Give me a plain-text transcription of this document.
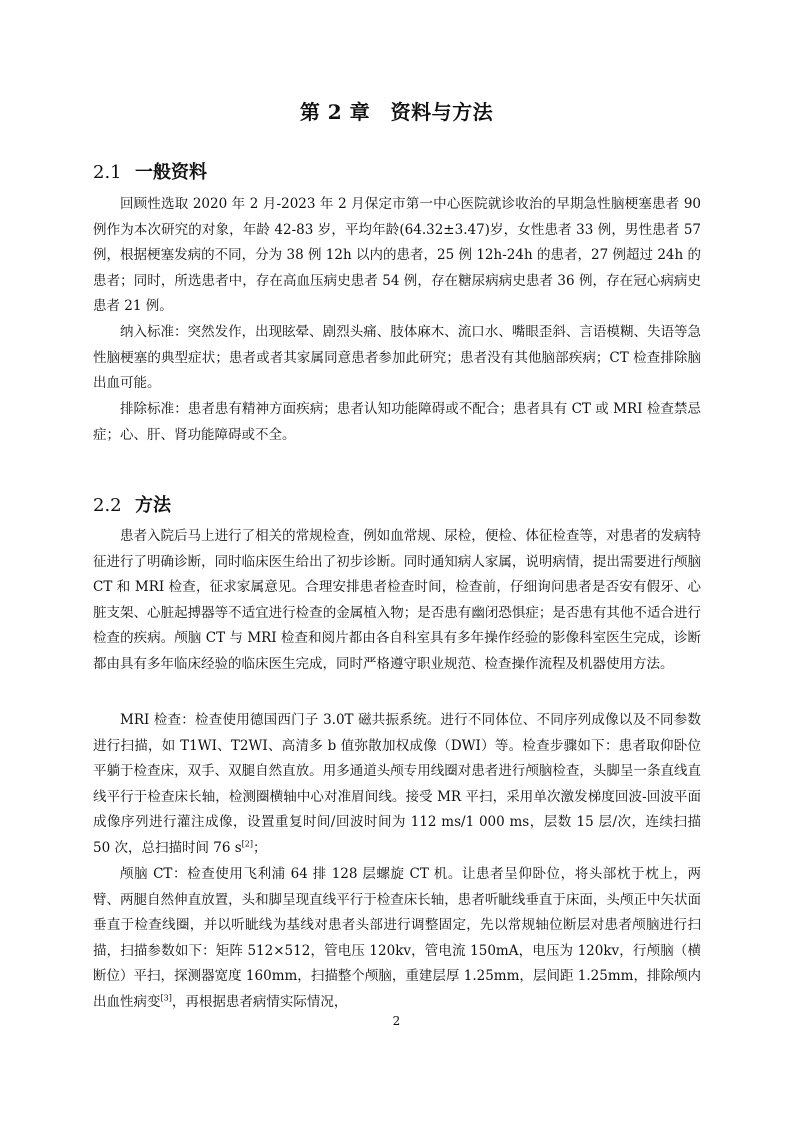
第 2 章　资料与方法
2.1 一般资料

回顾性选取 2020 年 2 月-2023 年 2 月保定市第一中心医院就诊收治的早期急性脑梗塞患者 90 例作为本次研究的对象，年龄 42-83 岁，平均年龄(64.32±3.47)岁，女性患者 33 例，男性患者 57 例，根据梗塞发病的不同，分为 38 例 12h 以内的患者，25 例 12h-24h 的患者，27 例超过 24h 的患者；同时，所选患者中，存在高血压病史患者 54 例，存在糖尿病病史患者 36 例，存在冠心病病史患者 21 例。

纳入标准：突然发作，出现眩晕、剧烈头痛、肢体麻木、流口水、嘴眼歪斜、言语模糊、失语等急性脑梗塞的典型症状；患者或者其家属同意患者参加此研究；患者没有其他脑部疾病；CT 检查排除脑出血可能。

排除标准：患者患有精神方面疾病；患者认知功能障碍或不配合；患者具有 CT 或 MRI 检查禁忌症；心、肝、肾功能障碍或不全。

2.2 方法

患者入院后马上进行了相关的常规检查，例如血常规、尿检，便检、体征检查等，对患者的发病特征进行了明确诊断，同时临床医生给出了初步诊断。同时通知病人家属，说明病情，提出需要进行颅脑 CT 和 MRI 检查，征求家属意见。合理安排患者检查时间，检查前，仔细询问患者是否安有假牙、心脏支架、心脏起搏器等不适宜进行检查的金属植入物；是否患有幽闭恐惧症；是否患有其他不适合进行检查的疾病。颅脑 CT 与 MRI 检查和阅片都由各自科室具有多年操作经验的影像科室医生完成，诊断都由具有多年临床经验的临床医生完成，同时严格遵守职业规范、检查操作流程及机器使用方法。

MRI 检查：检查使用德国西门子 3.0T 磁共振系统。进行不同体位、不同序列成像以及不同参数进行扫描，如 T1WI、T2WI、高清多 b 值弥散加权成像（DWI）等。检查步骤如下：患者取仰卧位平躺于检查床，双手、双腿自然直放。用多通道头颅专用线圈对患者进行颅脑检查，头脚呈一条直线直线平行于检查床长轴，检测圈横轴中心对准眉间线。接受 MR 平扫，采用单次激发梯度回波-回波平面成像序列进行灌注成像，设置重复时间/回波时间为 112 ms/1 000 ms，层数 15 层/次，连续扫描 50 次，总扫描时间 76 s[2]；

颅脑 CT：检查使用飞利浦 64 排 128 层螺旋 CT 机。让患者呈仰卧位，将头部枕于枕上，两臂、两腿自然伸直放置，头和脚呈现直线平行于检查床长轴，患者听眦线垂直于床面，头颅正中矢状面垂直于检查线圈，并以听眦线为基线对患者头部进行调整固定，先以常规轴位断层对患者颅脑进行扫描，扫描参数如下：矩阵 512×512，管电压 120kv，管电流 150mA，电压为 120kv，行颅脑（横断位）平扫，探测器宽度 160mm，扫描整个颅脑，重建层厚 1.25mm，层间距 1.25mm，排除颅内出血性病变[3]，再根据患者病情实际情况，

2
